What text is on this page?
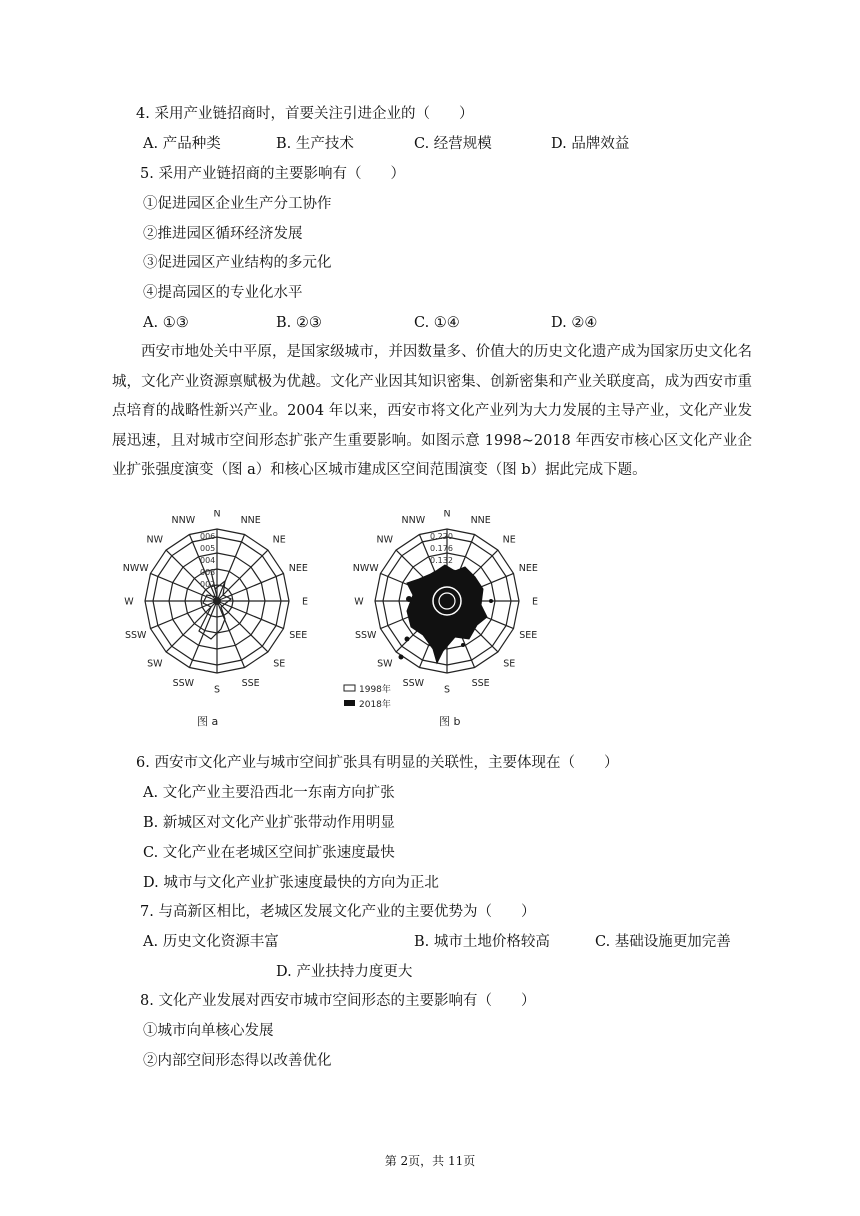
4. 采用产业链招商时，首要关注引进企业的（　　）
A. 产品种类	B. 生产技术	C. 经营规模	D. 品牌效益
5. 采用产业链招商的主要影响有（　　）
①促进园区企业生产分工协作
②推进园区循环经济发展
③促进园区产业结构的多元化
④提高园区的专业化水平
A. ①③	B. ②③	C. ①④	D. ②④
西安市地处关中平原，是国家级城市，并因数量多、价值大的历史文化遗产成为国家历史文化名城，文化产业资源禀赋极为优越。文化产业因其知识密集、创新密集和产业关联度高，成为西安市重点培育的战略性新兴产业。2004 年以来，西安市将文化产业列为大力发展的主导产业，文化产业发展迅速，且对城市空间形态扩张产生重要影响。如图示意 1998~2018 年西安市核心区文化产业企业扩张强度演变（图 a）和核心区城市建成区空间范围演变（图 b）据此完成下题。
006
005
004
003
002
N
NNE
NE
NEE
E
SEE
SE
SSE
S
SSW
SW
SSW
W
NWW
NW
NNW
图 a
0.220
0.176
0.132
N
NNE
NE
NEE
E
SEE
SE
SSE
S
SSW
SW
SSW
W
NWW
NW
NNW
图 b
1998年
2018年
6. 西安市文化产业与城市空间扩张具有明显的关联性，主要体现在（　　）
A. 文化产业主要沿西北一东南方向扩张
B. 新城区对文化产业扩张带动作用明显
C. 文化产业在老城区空间扩张速度最快
D. 城市与文化产业扩张速度最快的方向为正北
7. 与高新区相比，老城区发展文化产业的主要优势为（　　）
A. 历史文化资源丰富	B. 城市土地价格较高	C. 基础设施更加完善
D. 产业扶持力度更大
8. 文化产业发展对西安市城市空间形态的主要影响有（　　）
①城市向单核心发展
②内部空间形态得以改善优化
第 2页，共 11页
